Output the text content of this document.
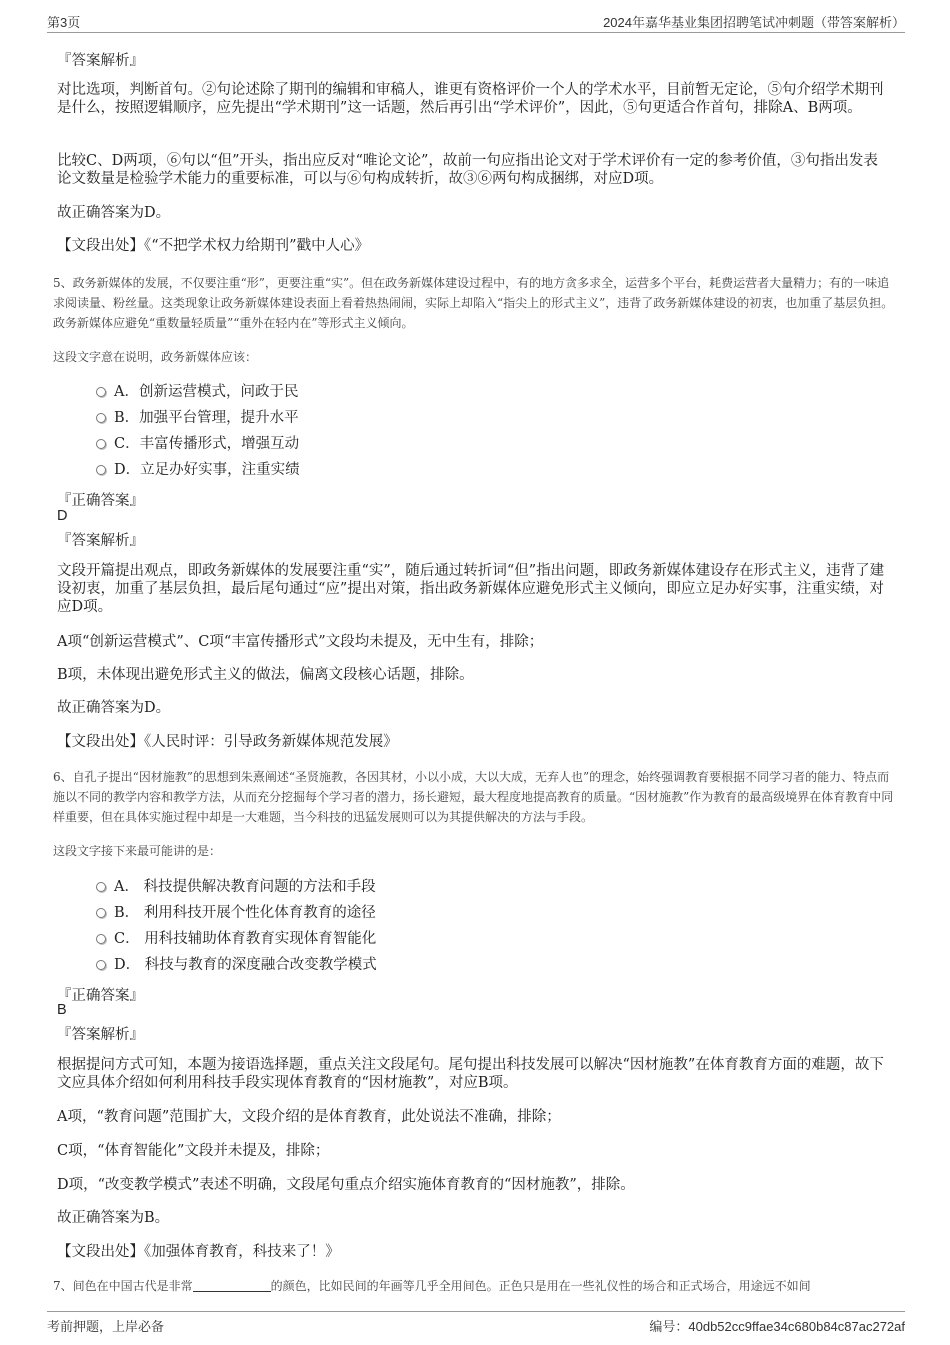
第3页	2024年嘉华基业集团招聘笔试冲刺题（带答案解析）
『答案解析』
对比选项，判断首句。②句论述除了期刊的编辑和审稿人，谁更有资格评价一个人的学术水平，目前暂无定论，⑤句介绍学术期刊是什么，按照逻辑顺序，应先提出“学术期刊”这一话题，然后再引出“学术评价”，因此，⑤句更适合作首句，排除A、B两项。
比较C、D两项，⑥句以“但”开头，指出应反对“唯论文论”，故前一句应指出论文对于学术评价有一定的参考价值，③句指出发表论文数量是检验学术能力的重要标准，可以与⑥句构成转折，故③⑥两句构成捆绑，对应D项。
故正确答案为D。
【文段出处】《“不把学术权力给期刊”戳中人心》
5、政务新媒体的发展，不仅要注重“形”，更要注重“实”。但在政务新媒体建设过程中，有的地方贪多求全，运营多个平台，耗费运营者大量精力；有的一味追求阅读量、粉丝量。这类现象让政务新媒体建设表面上看着热热闹闹，实际上却陷入“指尖上的形式主义”，违背了政务新媒体建设的初衷，也加重了基层负担。政务新媒体应避免“重数量轻质量”“重外在轻内在”等形式主义倾向。
这段文字意在说明，政务新媒体应该：
A．创新运营模式，问政于民
B．加强平台管理，提升水平
C．丰富传播形式，增强互动
D．立足办好实事，注重实绩
『正确答案』
D
『答案解析』
文段开篇提出观点，即政务新媒体的发展要注重“实”，随后通过转折词“但”指出问题，即政务新媒体建设存在形式主义，违背了建设初衷，加重了基层负担，最后尾句通过“应”提出对策，指出政务新媒体应避免形式主义倾向，即应立足办好实事，注重实绩，对应D项。
A项“创新运营模式”、C项“丰富传播形式”文段均未提及，无中生有，排除；
B项，未体现出避免形式主义的做法，偏离文段核心话题，排除。
故正确答案为D。
【文段出处】《人民时评：引导政务新媒体规范发展》
6、自孔子提出“因材施教”的思想到朱熹阐述“圣贤施教，各因其材，小以小成，大以大成，无弃人也”的理念，始终强调教育要根据不同学习者的能力、特点而施以不同的教学内容和教学方法，从而充分挖掘每个学习者的潜力，扬长避短，最大程度地提高教育的质量。“因材施教”作为教育的最高级境界在体育教育中同样重要，但在具体实施过程中却是一大难题，当今科技的迅猛发展则可以为其提供解决的方法与手段。
这段文字接下来最可能讲的是：
A． 科技提供解决教育问题的方法和手段
B． 利用科技开展个性化体育教育的途径
C． 用科技辅助体育教育实现体育智能化
D． 科技与教育的深度融合改变教学模式
『正确答案』
B
『答案解析』
根据提问方式可知，本题为接语选择题，重点关注文段尾句。尾句提出科技发展可以解决“因材施教”在体育教育方面的难题，故下文应具体介绍如何利用科技手段实现体育教育的“因材施教”，对应B项。
A项，“教育问题”范围扩大，文段介绍的是体育教育，此处说法不准确，排除；
C项，“体育智能化”文段并未提及，排除；
D项，“改变教学模式”表述不明确，文段尾句重点介绍实施体育教育的“因材施教”，排除。
故正确答案为B。
【文段出处】《加强体育教育，科技来了！》
7、间色在中国古代是非常	的颜色，比如民间的年画等几乎全用间色。正色只是用在一些礼仪性的场合和正式场合，用途远不如间
考前押题，上岸必备	编号：40db52cc9ffae34c680b84c87ac272af
